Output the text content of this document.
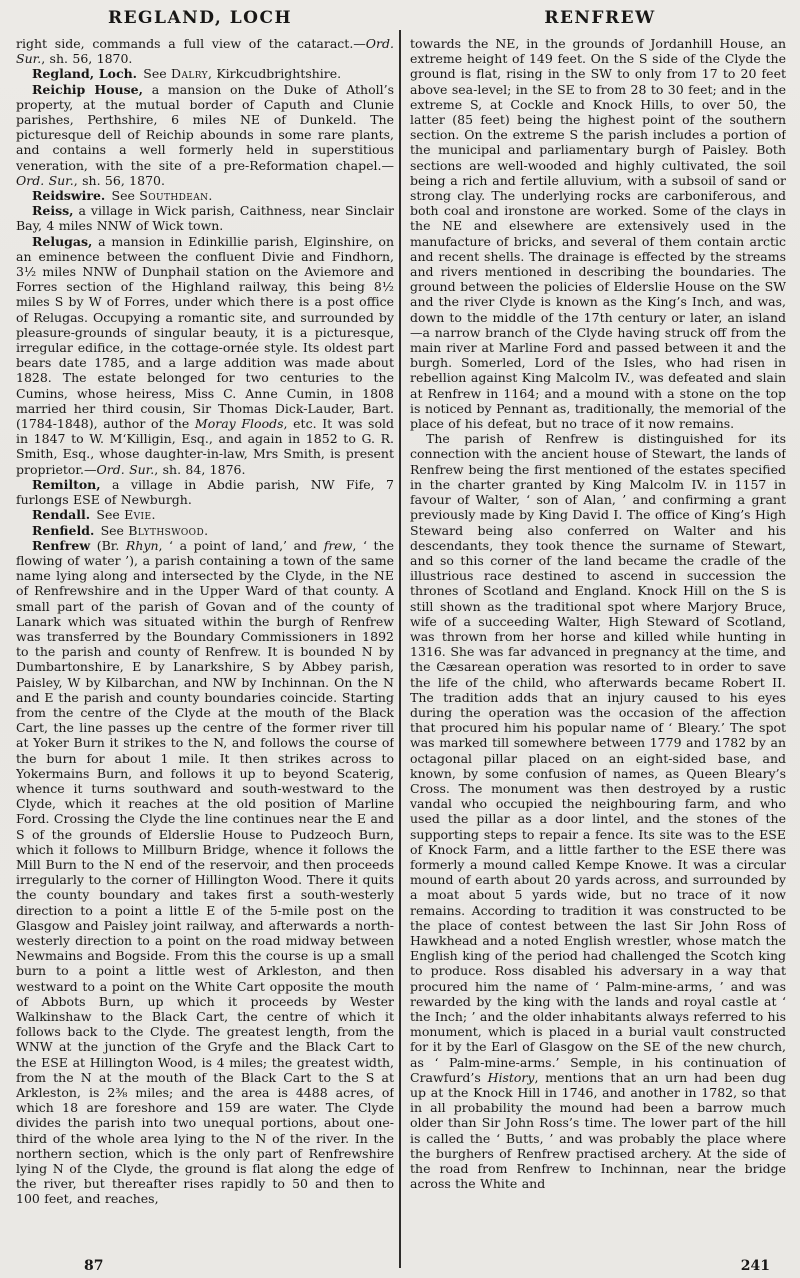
REGLAND, LOCH	RENFREW

right side, commands a full view of the cataract.—Ord. Sur., sh. 56, 1870.

Regland, Loch. See Dalry, Kirkcudbrightshire.

Reichip House, a mansion on the Duke of Atholl’s property, at the mutual border of Caputh and Clunie parishes, Perthshire, 6 miles NE of Dunkeld. The picturesque dell of Reichip abounds in some rare plants, and contains a well formerly held in superstitious veneration, with the site of a pre-Reformation chapel.—Ord. Sur., sh. 56, 1870.

Reidswire. See Southdean.

Reiss, a village in Wick parish, Caithness, near Sinclair Bay, 4 miles NNW of Wick town.

Relugas, a mansion in Edinkillie parish, Elginshire, on an eminence between the confluent Divie and Findhorn, 3½ miles NNW of Dunphail station on the Aviemore and Forres section of the Highland railway, this being 8½ miles S by W of Forres, under which there is a post office of Relugas. Occupying a romantic site, and surrounded by pleasure-grounds of singular beauty, it is a picturesque, irregular edifice, in the cottage-ornée style. Its oldest part bears date 1785, and a large addition was made about 1828. The estate belonged for two centuries to the Cumins, whose heiress, Miss C. Anne Cumin, in 1808 married her third cousin, Sir Thomas Dick-Lauder, Bart. (1784-1848), author of the Moray Floods, etc. It was sold in 1847 to W. M‘Killigin, Esq., and again in 1852 to G. R. Smith, Esq., whose daughter-in-law, Mrs Smith, is present proprietor.—Ord. Sur., sh. 84, 1876.

Remilton, a village in Abdie parish, NW Fife, 7 furlongs ESE of Newburgh.

Rendall. See Evie.

Renfield. See Blythswood.

Renfrew (Br. Rhyn, ‘ a point of land,’ and frew, ‘ the flowing of water ’), a parish containing a town of the same name lying along and intersected by the Clyde, in the NE of Renfrewshire and in the Upper Ward of that county. A small part of the parish of Govan and of the county of Lanark which was situated within the burgh of Renfrew was transferred by the Boundary Commissioners in 1892 to the parish and county of Renfrew. It is bounded N by Dumbartonshire, E by Lanarkshire, S by Abbey parish, Paisley, W by Kilbarchan, and NW by Inchinnan. On the N and E the parish and county boundaries coincide. Starting from the centre of the Clyde at the mouth of the Black Cart, the line passes up the centre of the former river till at Yoker Burn it strikes to the N, and follows the course of the burn for about 1 mile. It then strikes across to Yokermains Burn, and follows it up to beyond Scaterig, whence it turns southward and south-westward to the Clyde, which it reaches at the old position of Marline Ford. Crossing the Clyde the line continues near the E and S of the grounds of Elderslie House to Pudzeoch Burn, which it follows to Millburn Bridge, whence it follows the Mill Burn to the N end of the reservoir, and then proceeds irregularly to the corner of Hillington Wood. There it quits the county boundary and takes first a south-westerly direction to a point a little E of the 5-mile post on the Glasgow and Paisley joint railway, and afterwards a north-westerly direction to a point on the road midway between Newmains and Bogside. From this the course is up a small burn to a point a little west of Arkleston, and then westward to a point on the White Cart opposite the mouth of Abbots Burn, up which it proceeds by Wester Walkinshaw to the Black Cart, the centre of which it follows back to the Clyde. The greatest length, from the WNW at the junction of the Gryfe and the Black Cart to the ESE at Hillington Wood, is 4 miles; the greatest width, from the N at the mouth of the Black Cart to the S at Arkleston, is 2⅜ miles; and the area is 4488 acres, of which 18 are foreshore and 159 are water. The Clyde divides the parish into two unequal portions, about one-third of the whole area lying to the N of the river. In the northern section, which is the only part of Renfrewshire lying N of the Clyde, the ground is flat along the edge of the river, but thereafter rises rapidly to 50 and then to 100 feet, and reaches,

towards the NE, in the grounds of Jordanhill House, an extreme height of 149 feet. On the S side of the Clyde the ground is flat, rising in the SW to only from 17 to 20 feet above sea-level; in the SE to from 28 to 30 feet; and in the extreme S, at Cockle and Knock Hills, to over 50, the latter (85 feet) being the highest point of the southern section. On the extreme S the parish includes a portion of the municipal and parliamentary burgh of Paisley. Both sections are well-wooded and highly cultivated, the soil being a rich and fertile alluvium, with a subsoil of sand or strong clay. The underlying rocks are carboniferous, and both coal and ironstone are worked. Some of the clays in the NE and elsewhere are extensively used in the manufacture of bricks, and several of them contain arctic and recent shells. The drainage is effected by the streams and rivers mentioned in describing the boundaries. The ground between the policies of Elderslie House on the SW and the river Clyde is known as the King’s Inch, and was, down to the middle of the 17th century or later, an island—a narrow branch of the Clyde having struck off from the main river at Marline Ford and passed between it and the burgh. Somerled, Lord of the Isles, who had risen in rebellion against King Malcolm IV., was defeated and slain at Renfrew in 1164; and a mound with a stone on the top is noticed by Pennant as, traditionally, the memorial of the place of his defeat, but no trace of it now remains.

The parish of Renfrew is distinguished for its connection with the ancient house of Stewart, the lands of Renfrew being the first mentioned of the estates specified in the charter granted by King Malcolm IV. in 1157 in favour of Walter, ‘ son of Alan, ’ and confirming a grant previously made by King David I. The office of King’s High Steward being also conferred on Walter and his descendants, they took thence the surname of Stewart, and so this corner of the land became the cradle of the illustrious race destined to ascend in succession the thrones of Scotland and England. Knock Hill on the S is still shown as the traditional spot where Marjory Bruce, wife of a succeeding Walter, High Steward of Scotland, was thrown from her horse and killed while hunting in 1316. She was far advanced in pregnancy at the time, and the Cæsarean operation was resorted to in order to save the life of the child, who afterwards became Robert II. The tradition adds that an injury caused to his eyes during the operation was the occasion of the affection that procured him his popular name of ‘ Bleary.’ The spot was marked till somewhere between 1779 and 1782 by an octagonal pillar placed on an eight-sided base, and known, by some confusion of names, as Queen Bleary’s Cross. The monument was then destroyed by a rustic vandal who occupied the neighbouring farm, and who used the pillar as a door lintel, and the stones of the supporting steps to repair a fence. Its site was to the ESE of Knock Farm, and a little farther to the ESE there was formerly a mound called Kempe Knowe. It was a circular mound of earth about 20 yards across, and surrounded by a moat about 5 yards wide, but no trace of it now remains. According to tradition it was constructed to be the place of contest between the last Sir John Ross of Hawkhead and a noted English wrestler, whose match the English king of the period had challenged the Scotch king to produce. Ross disabled his adversary in a way that procured him the name of ‘ Palm-mine-arms, ’ and was rewarded by the king with the lands and royal castle at ‘ the Inch; ’ and the older inhabitants always referred to his monument, which is placed in a burial vault constructed for it by the Earl of Glasgow on the SE of the new church, as ‘ Palm-mine-arms.’ Semple, in his continuation of Crawfurd’s History, mentions that an urn had been dug up at the Knock Hill in 1746, and another in 1782, so that in all probability the mound had been a barrow much older than Sir John Ross’s time. The lower part of the hill is called the ‘ Butts, ’ and was probably the place where the burghers of Renfrew practised archery. At the side of the road from Renfrew to Inchinnan, near the bridge across the White and

87	241
